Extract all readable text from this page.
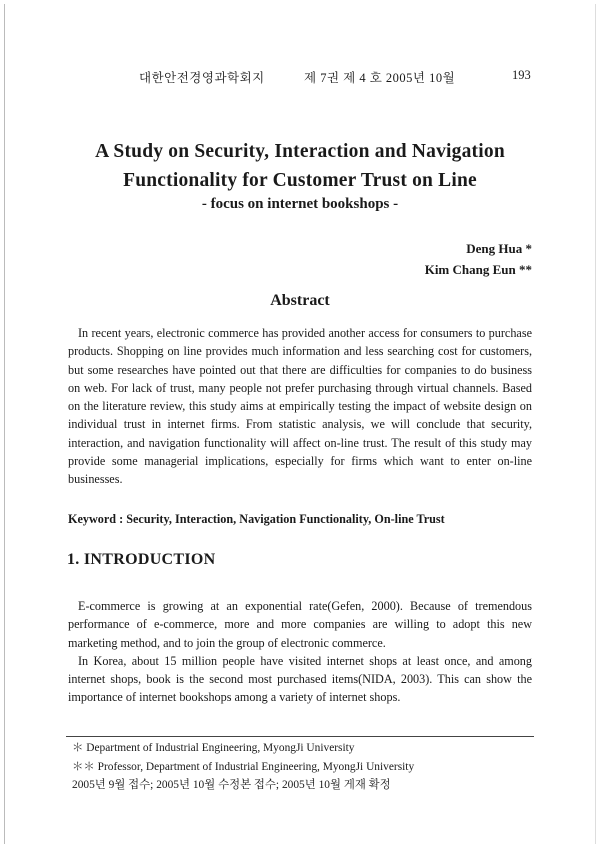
대한안전경영과학회지	제 7권 제 4 호 2005년 10월	193
A Study on Security, Interaction and Navigation
Functionality for Customer Trust on Line
- focus on internet bookshops -
Deng Hua *
Kim Chang Eun **
Abstract
In recent years, electronic commerce has provided another access for consumers to purchase products. Shopping on line provides much information and less searching cost for customers, but some researches have pointed out that there are difficulties for companies to do business on web. For lack of trust, many people not prefer purchasing through virtual channels. Based on the literature review, this study aims at empirically testing the impact of website design on individual trust in internet firms. From statistic analysis, we will conclude that security, interaction, and navigation functionality will affect on-line trust. The result of this study may provide some managerial implications, especially for firms which want to enter on-line businesses.
Keyword : Security, Interaction, Navigation Functionality, On-line Trust
1. INTRODUCTION

E-commerce is growing at an exponential rate(Gefen, 2000). Because of tremendous performance of e-commerce, more and more companies are willing to adopt this new marketing method, and to join the group of electronic commerce.

In Korea, about 15 million people have visited internet shops at least once, and among internet shops, book is the second most purchased items(NIDA, 2003). This can show the importance of internet bookshops among a variety of internet shops.

＊ Department of Industrial Engineering, MyongJi University
＊＊ Professor, Department of Industrial Engineering, MyongJi University
2005년 9월 접수; 2005년 10월 수정본 접수; 2005년 10월 게재 확정
